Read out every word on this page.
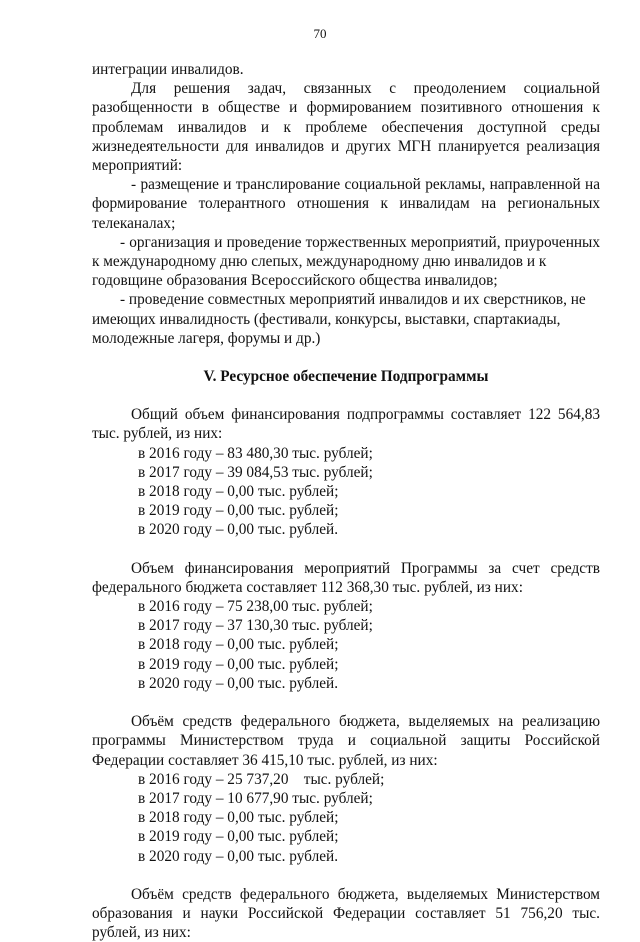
70

интеграции инвалидов.

Для решения задач, связанных с преодолением социальной

разобщенности в обществе и формированием позитивного отношения к

проблемам инвалидов и к проблеме обеспечения доступной среды

жизнедеятельности для инвалидов и других МГН планируется реализация

мероприятий:

- размещение и транслирование социальной рекламы, направленной на

формирование толерантного отношения к инвалидам на региональных

телеканалах;

- организация и проведение торжественных мероприятий, приуроченных

к международному дню слепых, международному дню инвалидов и к

годовщине образования Всероссийского общества инвалидов;

- проведение совместных мероприятий инвалидов и их сверстников, не

имеющих инвалидность (фестивали, конкурсы, выставки, спартакиады,

молодежные лагеря, форумы и др.)

V. Ресурсное обеспечение Подпрограммы

Общий объем финансирования подпрограммы составляет 122 564,83

тыс. рублей, из них:

в 2016 году – 83 480,30 тыс. рублей;

в 2017 году – 39 084,53 тыс. рублей;

в 2018 году – 0,00 тыс. рублей;

в 2019 году – 0,00 тыс. рублей;

в 2020 году – 0,00 тыс. рублей.

Объем финансирования мероприятий Программы за счет средств

федерального бюджета составляет 112 368,30 тыс. рублей, из них:

в 2016 году – 75 238,00 тыс. рублей;

в 2017 году – 37 130,30 тыс. рублей;

в 2018 году – 0,00 тыс. рублей;

в 2019 году – 0,00 тыс. рублей;

в 2020 году – 0,00 тыс. рублей.

Объём средств федерального бюджета, выделяемых на реализацию

программы Министерством труда и социальной защиты Российской

Федерации составляет 36 415,10 тыс. рублей, из них:

в 2016 году – 25 737,20    тыс. рублей;

в 2017 году – 10 677,90 тыс. рублей;

в 2018 году – 0,00 тыс. рублей;

в 2019 году – 0,00 тыс. рублей;

в 2020 году – 0,00 тыс. рублей.

Объём средств федерального бюджета, выделяемых Министерством

образования и науки Российской Федерации составляет 51 756,20 тыс.

рублей, из них:
